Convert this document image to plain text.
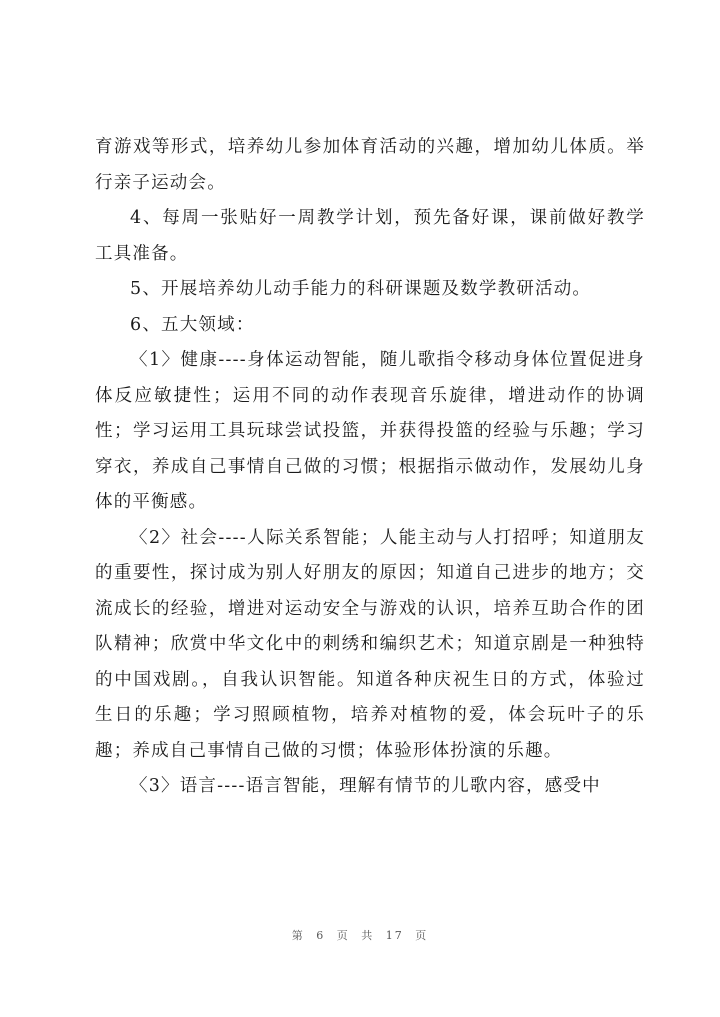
育游戏等形式，培养幼儿参加体育活动的兴趣，增加幼儿体质。举行亲子运动会。

4、每周一张贴好一周教学计划，预先备好课，课前做好教学工具准备。

5、开展培养幼儿动手能力的科研课题及数学教研活动。

6、五大领域：

〈1〉健康----身体运动智能，随儿歌指令移动身体位置促进身体反应敏捷性；运用不同的动作表现音乐旋律，增进动作的协调性；学习运用工具玩球尝试投篮，并获得投篮的经验与乐趣；学习穿衣，养成自己事情自己做的习惯；根据指示做动作，发展幼儿身体的平衡感。

〈2〉社会----人际关系智能；人能主动与人打招呼；知道朋友的重要性，探讨成为别人好朋友的原因；知道自己进步的地方；交流成长的经验，增进对运动安全与游戏的认识，培养互助合作的团队精神；欣赏中华文化中的刺绣和编织艺术；知道京剧是一种独特的中国戏剧。，自我认识智能。知道各种庆祝生日的方式，体验过生日的乐趣；学习照顾植物，培养对植物的爱，体会玩叶子的乐趣；养成自己事情自己做的习惯；体验形体扮演的乐趣。

〈3〉语言----语言智能，理解有情节的儿歌内容，感受中

第 6 页 共 17 页
